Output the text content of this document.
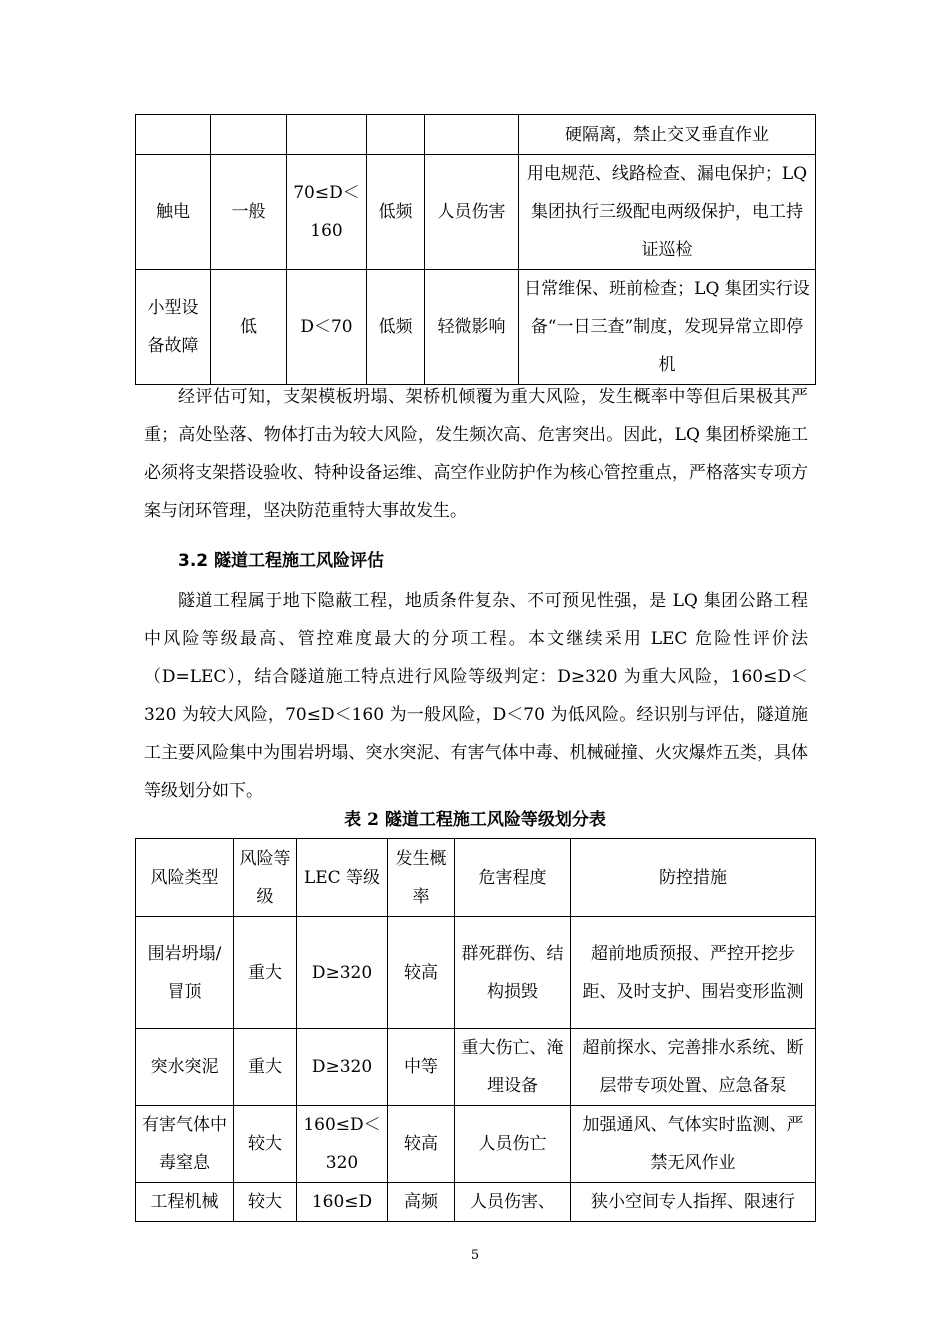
					硬隔离，禁止交叉垂直作业
触电	一般	70≤D＜160	低频	人员伤害	用电规范、线路检查、漏电保护；LQ 集团执行三级配电两级保护，电工持证巡检
小型设备故障	低	D＜70	低频	轻微影响	日常维保、班前检查；LQ 集团实行设备“一日三查”制度，发现异常立即停机

经评估可知，支架模板坍塌、架桥机倾覆为重大风险，发生概率中等但后果极其严重；高处坠落、物体打击为较大风险，发生频次高、危害突出。因此，LQ 集团桥梁施工必须将支架搭设验收、特种设备运维、高空作业防护作为核心管控重点，严格落实专项方案与闭环管理，坚决防范重特大事故发生。

3.2 隧道工程施工风险评估

隧道工程属于地下隐蔽工程，地质条件复杂、不可预见性强，是 LQ 集团公路工程中风险等级最高、管控难度最大的分项工程。本文继续采用 LEC 危险性评价法（D=LEC），结合隧道施工特点进行风险等级判定：D≥320 为重大风险，160≤D＜320 为较大风险，70≤D＜160 为一般风险，D＜70 为低风险。经识别与评估，隧道施工主要风险集中为围岩坍塌、突水突泥、有害气体中毒、机械碰撞、火灾爆炸五类，具体等级划分如下。

表 2 隧道工程施工风险等级划分表

风险类型	风险等级	LEC 等级	发生概率	危害程度	防控措施
围岩坍塌/冒顶	重大	D≥320	较高	群死群伤、结构损毁	超前地质预报、严控开挖步距、及时支护、围岩变形监测
突水突泥	重大	D≥320	中等	重大伤亡、淹埋设备	超前探水、完善排水系统、断层带专项处置、应急备泵
有害气体中毒窒息	较大	160≤D＜320	较高	人员伤亡	加强通风、气体实时监测、严禁无风作业
工程机械	较大	160≤D	高频	人员伤害、	狭小空间专人指挥、限速行
5
